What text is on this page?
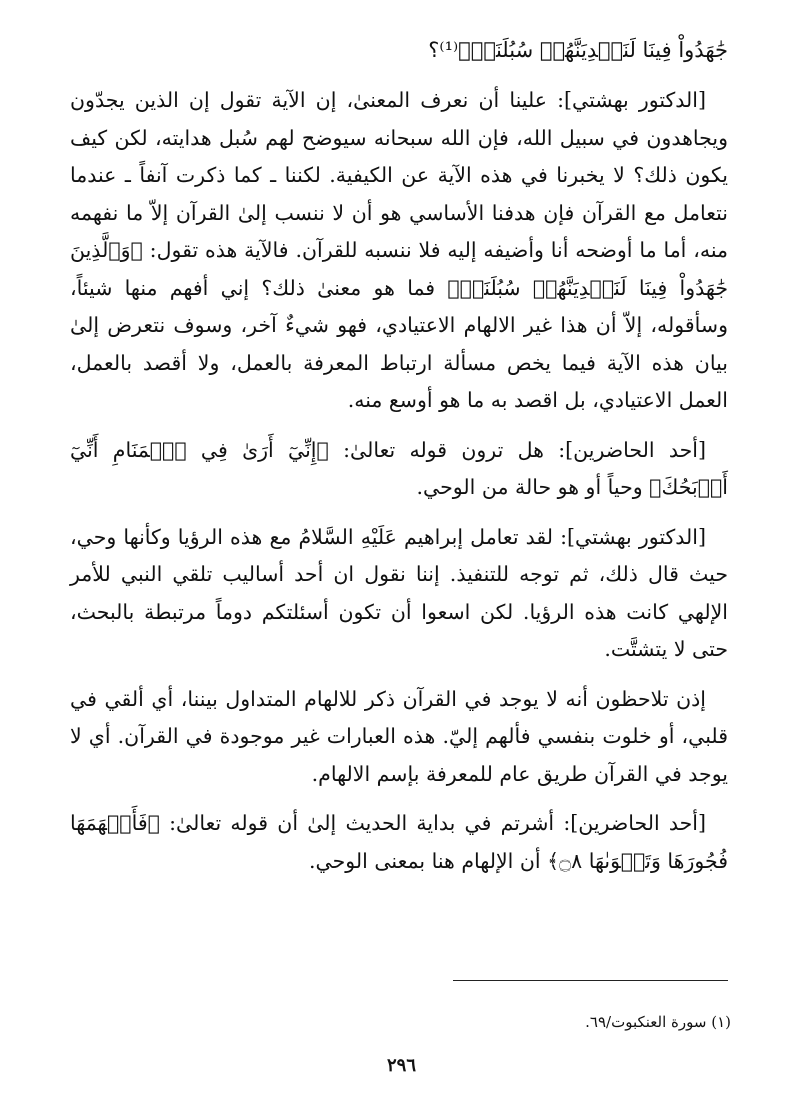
جَٰهَدُواْ فِينَا لَنَهۡدِيَنَّهُمۡ سُبُلَنَاۚ﴾⁽¹⁾؟

[الدكتور بهشتي]: علينا أن نعرف المعنىٰ، إن الآية تقول إن الذين يجدّون ويجاهدون في سبيل الله، فإن الله سبحانه سيوضح لهم سُبل هدايته، لكن كيف يكون ذلك؟ لا يخبرنا في هذه الآية عن الكيفية. لكننا ـ كما ذكرت آنفاً ـ عندما نتعامل مع القرآن فإن هدفنا الأساسي هو أن لا ننسب إلىٰ القرآن إلاّ ما نفهمه منه، أما ما أوضحه أنا وأضيفه إليه فلا ننسبه للقرآن. فالآية هذه تقول: ﴿وَٱلَّذِينَ جَٰهَدُواْ فِينَا لَنَهۡدِيَنَّهُمۡ سُبُلَنَاۚ﴾ فما هو معنىٰ ذلك؟ إني أفهم منها شيئاً، وسأقوله، إلاّ أن هذا غير الالهام الاعتيادي، فهو شيءٌ آخر، وسوف نتعرض إلىٰ بيان هذه الآية فيما يخص مسألة ارتباط المعرفة بالعمل، ولا أقصد بالعمل، العمل الاعتيادي، بل اقصد به ما هو أوسع منه.

[أحد الحاضرين]: هل ترون قوله تعالىٰ: ﴿إِنِّيٓ أَرَىٰ فِي ٱلۡمَنَامِ أَنِّيٓ أَذۡبَحُكَ﴾ وحياً أو هو حالة من الوحي.

[الدكتور بهشتي]: لقد تعامل إبراهيم عَلَيْهِ السَّلامُ مع هذه الرؤيا وكأنها وحي، حيث قال ذلك، ثم توجه للتنفيذ. إننا نقول ان أحد أساليب تلقي النبي للأمر الإلهي كانت هذه الرؤيا. لكن اسعوا أن تكون أسئلتكم دوماً مرتبطة بالبحث، حتى لا يتشتَّت.

إذن تلاحظون أنه لا يوجد في القرآن ذكر للالهام المتداول بيننا، أي ألقي في قلبي، أو خلوت بنفسي فألهم إليّ. هذه العبارات غير موجودة في القرآن. أي لا يوجد في القرآن طريق عام للمعرفة بإسم الالهام.

[أحد الحاضرين]: أشرتم في بداية الحديث إلىٰ أن قوله تعالىٰ: ﴿فَأَلۡهَمَهَا فُجُورَهَا وَتَقۡوَىٰهَا ۝٨﴾ أن الإلهام هنا بمعنى الوحي.

(١) سورة العنكبوت/٦٩.
٢٩٦
